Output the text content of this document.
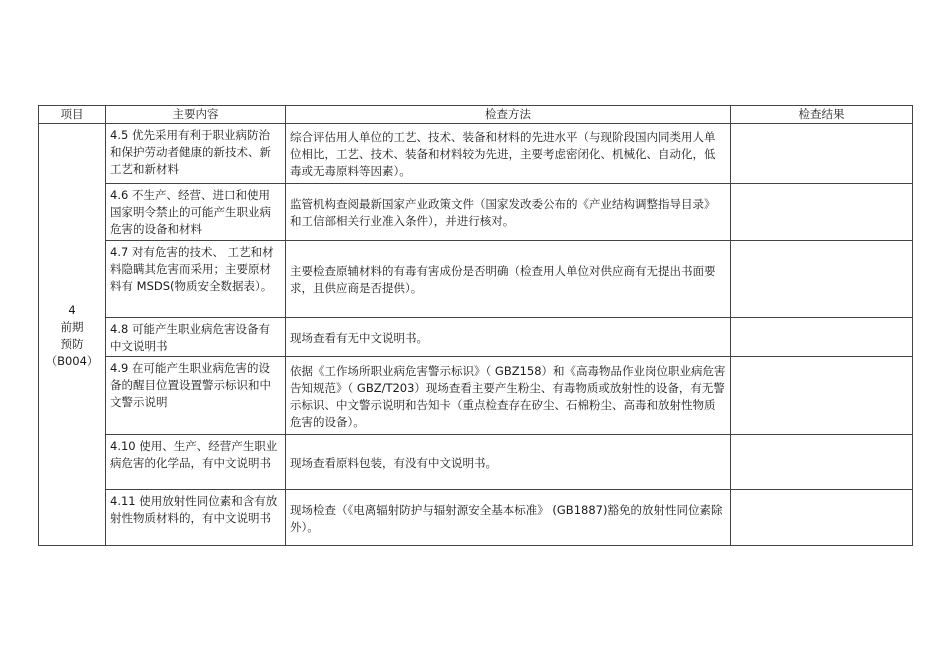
项目	主要内容	检查方法	检查结果

4
前期
预防
（B004）	4.5 优先采用有利于职业病防治和保护劳动者健康的新技术、新工艺和新材料	综合评估用人单位的工艺、技术、装备和材料的先进水平（与现阶段国内同类用人单位相比，工艺、技术、装备和材料较为先进，主要考虑密闭化、机械化、自动化，低毒或无毒原料等因素）。	
	4.6 不生产、经营、进口和使用国家明令禁止的可能产生职业病危害的设备和材料	监管机构查阅最新国家产业政策文件（国家发改委公布的《产业结构调整指导目录》和工信部相关行业准入条件），并进行核对。	
	4.7 对有危害的技术、 工艺和材料隐瞒其危害而采用；主要原材料有 MSDS(物质安全数据表）。	主要检查原辅材料的有毒有害成份是否明确（检查用人单位对供应商有无提出书面要求，且供应商是否提供）。	
	4.8 可能产生职业病危害设备有中文说明书	现场查看有无中文说明书。	
	4.9 在可能产生职业病危害的设备的醒目位置设置警示标识和中文警示说明	依据《工作场所职业病危害警示标识》（ GBZ158）和《高毒物品作业岗位职业病危害告知规范》（ GBZ/T203）现场查看主要产生粉尘、有毒物质或放射性的设备，有无警示标识、中文警示说明和告知卡（重点检查存在矽尘、石棉粉尘、高毒和放射性物质危害的设备）。	
	4.10 使用、生产、经营产生职业病危害的化学品，有中文说明书	现场查看原料包装，有没有中文说明书。	
	4.11 使用放射性同位素和含有放射性物质材料的，有中文说明书	现场检查（《电离辐射防护与辐射源安全基本标准》 (GB1887)豁免的放射性同位素除外）。	
